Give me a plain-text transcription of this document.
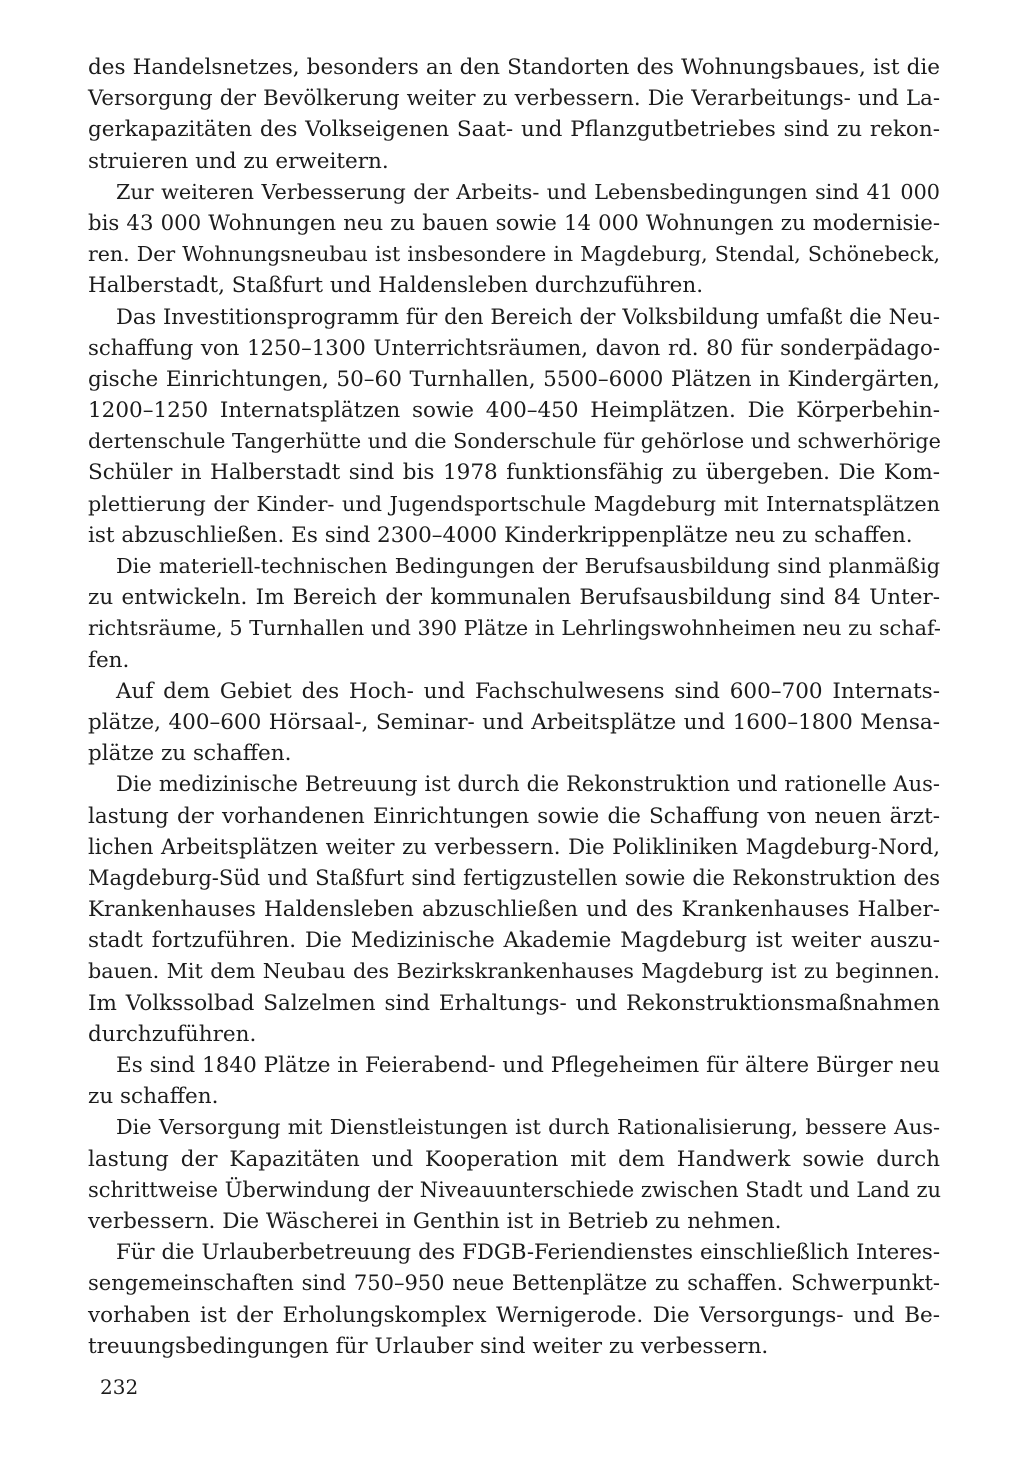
des Handelsnetzes, besonders an den Standorten des Wohnungsbaues, ist die
Versorgung der Bevölkerung weiter zu verbessern. Die Verarbeitungs- und La-
gerkapazitäten des Volkseigenen Saat- und Pflanzgutbetriebes sind zu rekon-
struieren und zu erweitern.
Zur weiteren Verbesserung der Arbeits- und Lebensbedingungen sind 41 000
bis 43 000 Wohnungen neu zu bauen sowie 14 000 Wohnungen zu modernisie-
ren. Der Wohnungsneubau ist insbesondere in Magdeburg, Stendal, Schönebeck,
Halberstadt, Staßfurt und Haldensleben durchzuführen.
Das Investitionsprogramm für den Bereich der Volksbildung umfaßt die Neu-
schaffung von 1250–1300 Unterrichtsräumen, davon rd. 80 für sonderpädago-
gische Einrichtungen, 50–60 Turnhallen, 5500–6000 Plätzen in Kindergärten,
1200–1250 Internatsplätzen sowie 400–450 Heimplätzen. Die Körperbehin-
dertenschule Tangerhütte und die Sonderschule für gehörlose und schwerhörige
Schüler in Halberstadt sind bis 1978 funktionsfähig zu übergeben. Die Kom-
plettierung der Kinder- und Jugendsportschule Magdeburg mit Internatsplätzen
ist abzuschließen. Es sind 2300–4000 Kinderkrippenplätze neu zu schaffen.
Die materiell-technischen Bedingungen der Berufsausbildung sind planmäßig
zu entwickeln. Im Bereich der kommunalen Berufsausbildung sind 84 Unter-
richtsräume, 5 Turnhallen und 390 Plätze in Lehrlingswohnheimen neu zu schaf-
fen.
Auf dem Gebiet des Hoch- und Fachschulwesens sind 600–700 Internats-
plätze, 400–600 Hörsaal-, Seminar- und Arbeitsplätze und 1600–1800 Mensa-
plätze zu schaffen.
Die medizinische Betreuung ist durch die Rekonstruktion und rationelle Aus-
lastung der vorhandenen Einrichtungen sowie die Schaffung von neuen ärzt-
lichen Arbeitsplätzen weiter zu verbessern. Die Polikliniken Magdeburg-Nord,
Magdeburg-Süd und Staßfurt sind fertigzustellen sowie die Rekonstruktion des
Krankenhauses Haldensleben abzuschließen und des Krankenhauses Halber-
stadt fortzuführen. Die Medizinische Akademie Magdeburg ist weiter auszu-
bauen. Mit dem Neubau des Bezirkskrankenhauses Magdeburg ist zu beginnen.
Im Volkssolbad Salzelmen sind Erhaltungs- und Rekonstruktionsmaßnahmen
durchzuführen.
Es sind 1840 Plätze in Feierabend- und Pflegeheimen für ältere Bürger neu
zu schaffen.
Die Versorgung mit Dienstleistungen ist durch Rationalisierung, bessere Aus-
lastung der Kapazitäten und Kooperation mit dem Handwerk sowie durch
schrittweise Überwindung der Niveauunterschiede zwischen Stadt und Land zu
verbessern. Die Wäscherei in Genthin ist in Betrieb zu nehmen.
Für die Urlauberbetreuung des FDGB-Feriendienstes einschließlich Interes-
sengemeinschaften sind 750–950 neue Bettenplätze zu schaffen. Schwerpunkt-
vorhaben ist der Erholungskomplex Wernigerode. Die Versorgungs- und Be-
treuungsbedingungen für Urlauber sind weiter zu verbessern.
232
